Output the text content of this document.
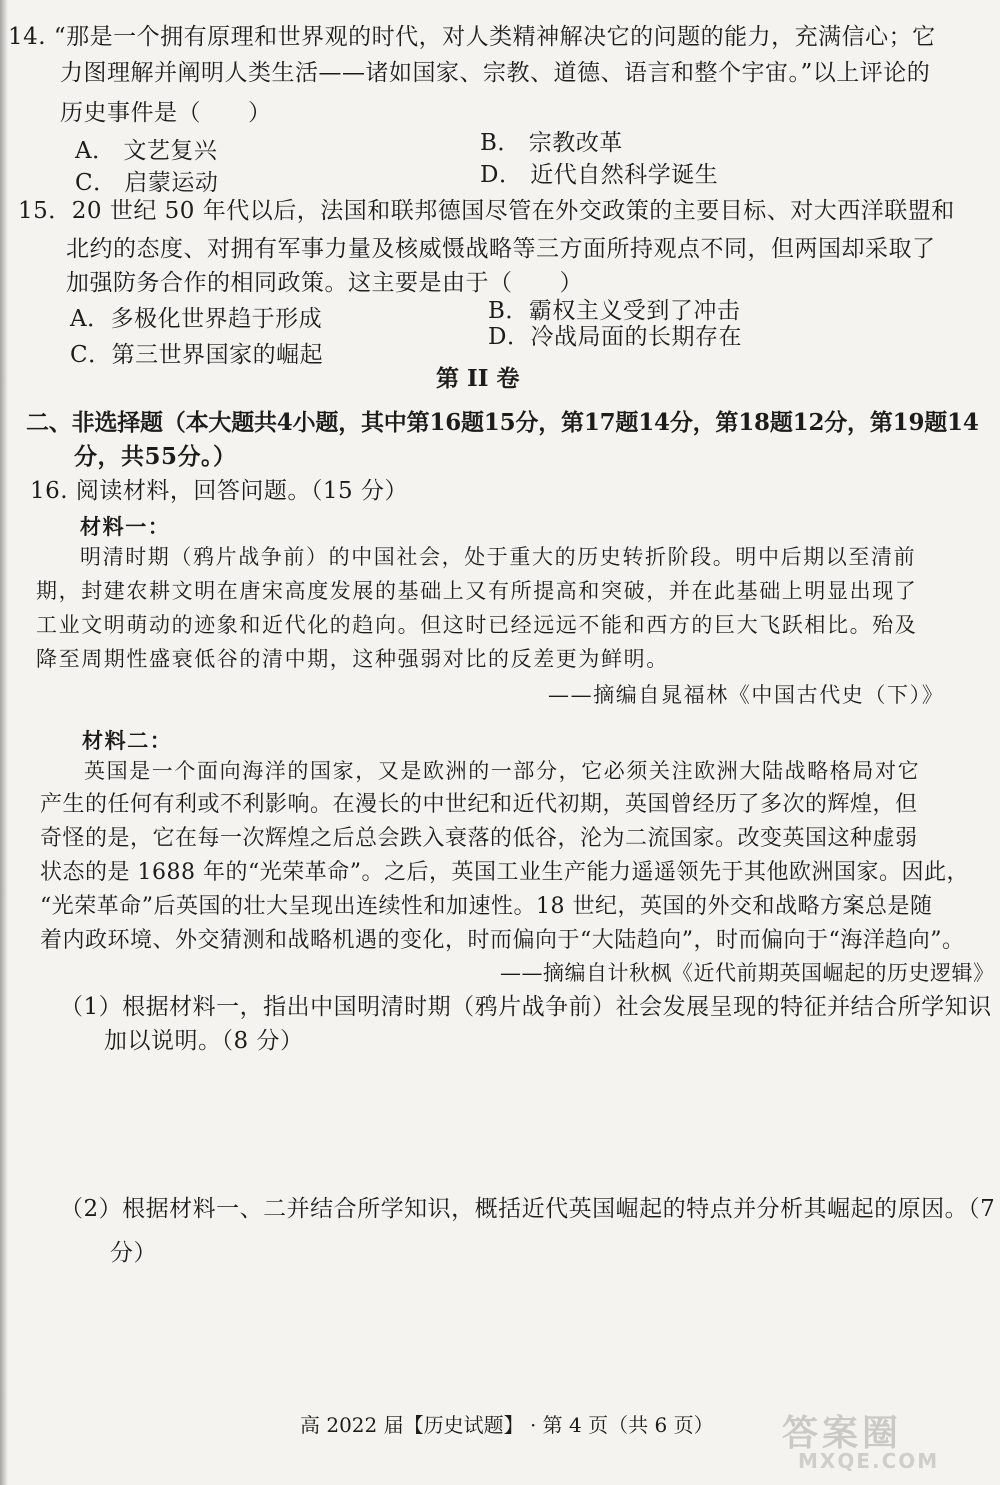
14. “那是一个拥有原理和世界观的时代，对人类精神解决它的问题的能力，充满信心；它
力图理解并阐明人类生活——诸如国家、宗教、道德、语言和整个宇宙。”以上评论的
历史事件是（　　）
A． 文艺复兴	B． 宗教改革
C． 启蒙运动	D． 近代自然科学诞生
15．20 世纪 50 年代以后，法国和联邦德国尽管在外交政策的主要目标、对大西洋联盟和
北约的态度、对拥有军事力量及核威慑战略等三方面所持观点不同，但两国却采取了
加强防务合作的相同政策。这主要是由于（　　）
A．多极化世界趋于形成	B．霸权主义受到了冲击
C．第三世界国家的崛起
D．冷战局面的长期存在
第 II 卷
二、非选择题（本大题共4小题，其中第16题15分，第17题14分，第18题12分，第19题14
分，共55分。）
16. 阅读材料，回答问题。（15 分）
材料一：
明清时期（鸦片战争前）的中国社会，处于重大的历史转折阶段。明中后期以至清前
期，封建农耕文明在唐宋高度发展的基础上又有所提高和突破，并在此基础上明显出现了
工业文明萌动的迹象和近代化的趋向。但这时已经远远不能和西方的巨大飞跃相比。殆及
降至周期性盛衰低谷的清中期，这种强弱对比的反差更为鲜明。
——摘编自晁福林《中国古代史（下）》
材料二：
英国是一个面向海洋的国家，又是欧洲的一部分，它必须关注欧洲大陆战略格局对它
产生的任何有利或不利影响。在漫长的中世纪和近代初期，英国曾经历了多次的辉煌，但
奇怪的是，它在每一次辉煌之后总会跌入衰落的低谷，沦为二流国家。改变英国这种虚弱
状态的是 1688 年的“光荣革命”。之后，英国工业生产能力遥遥领先于其他欧洲国家。因此，
“光荣革命”后英国的壮大呈现出连续性和加速性。18 世纪，英国的外交和战略方案总是随
着内政环境、外交猜测和战略机遇的变化，时而偏向于“大陆趋向”，时而偏向于“海洋趋向”。
——摘编自计秋枫《近代前期英国崛起的历史逻辑》
（1）根据材料一，指出中国明清时期（鸦片战争前）社会发展呈现的特征并结合所学知识
加以说明。（8 分）
（2）根据材料一、二并结合所学知识，概括近代英国崛起的特点并分析其崛起的原因。（7
分）
高 2022 届【历史试题】 · 第 4 页（共 6 页） 答案圈
MXQE.COM
